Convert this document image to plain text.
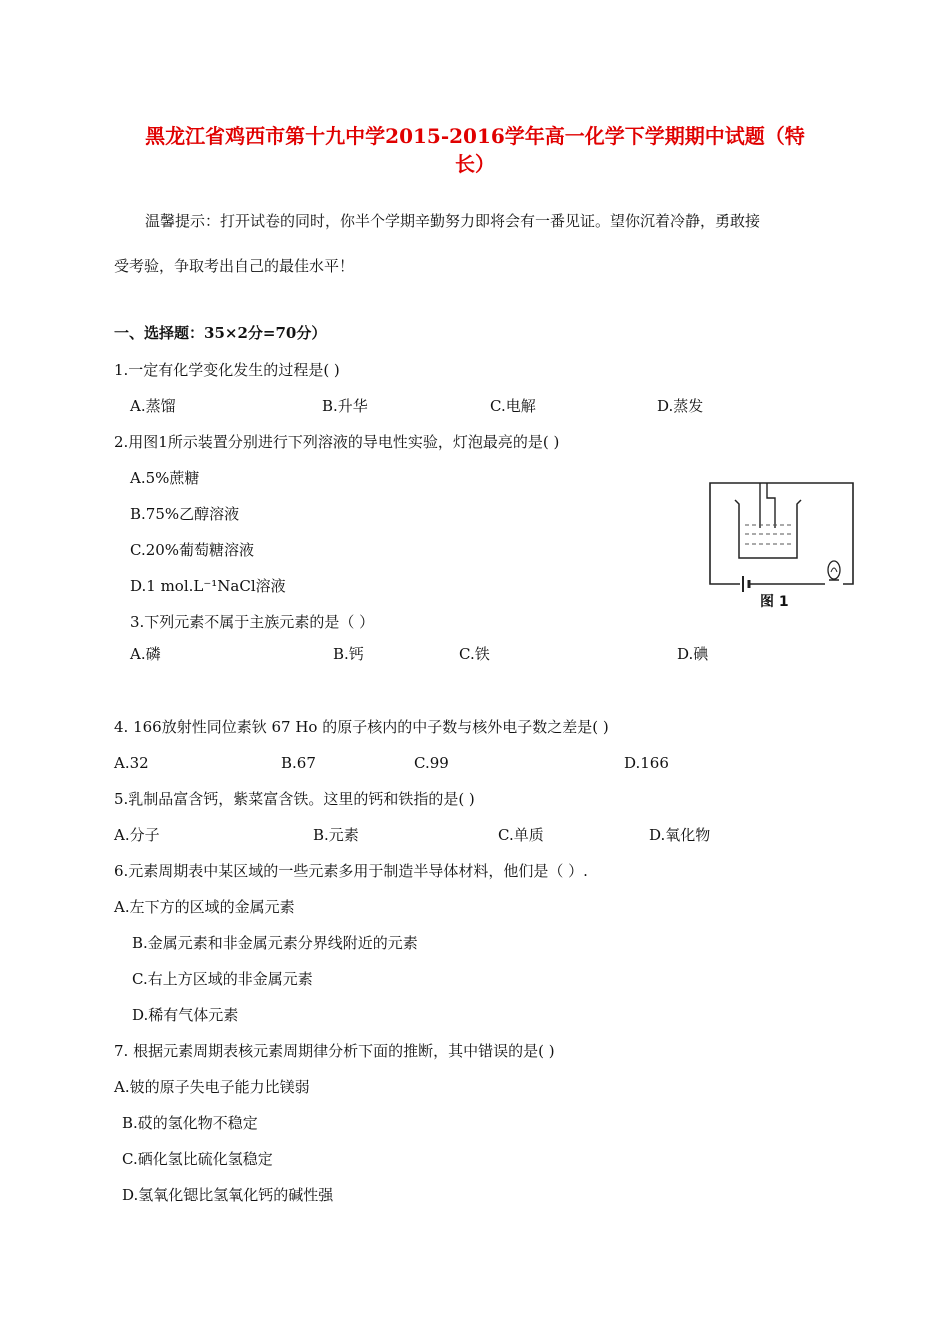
黑龙江省鸡西市第十九中学2015-2016学年高一化学下学期期中试题（特
长）
温馨提示：打开试卷的同时，你半个学期辛勤努力即将会有一番见证。望你沉着冷静，勇敢接
受考验，争取考出自己的最佳水平！
一、选择题：35×2分=70分）
1.一定有化学变化发生的过程是( )
A.蒸馏	B.升华	C.电解	D.蒸发
2.用图1所示装置分别进行下列溶液的导电性实验，灯泡最亮的是( )
A.5%蔗糖
B.75%乙醇溶液
C.20%葡萄糖溶液
D.1 mol.L⁻¹NaCl溶液
图 1
3.下列元素不属于主族元素的是（ ）
A.磷	B.钙	C.铁	D.碘
4. 166放射性同位素钬 67 Ho 的原子核内的中子数与核外电子数之差是( )
A.32	B.67	C.99	D.166
5.乳制品富含钙，紫菜富含铁。这里的钙和铁指的是( )
A.分子	B.元素	C.单质	D.氧化物
6.元素周期表中某区域的一些元素多用于制造半导体材料，他们是（ ）.
A.左下方的区域的金属元素
B.金属元素和非金属元素分界线附近的元素
C.右上方区域的非金属元素
D.稀有气体元素
7. 根据元素周期表核元素周期律分析下面的推断，其中错误的是( )
A.铍的原子失电子能力比镁弱
B.砹的氢化物不稳定
C.硒化氢比硫化氢稳定
D.氢氧化锶比氢氧化钙的碱性强
